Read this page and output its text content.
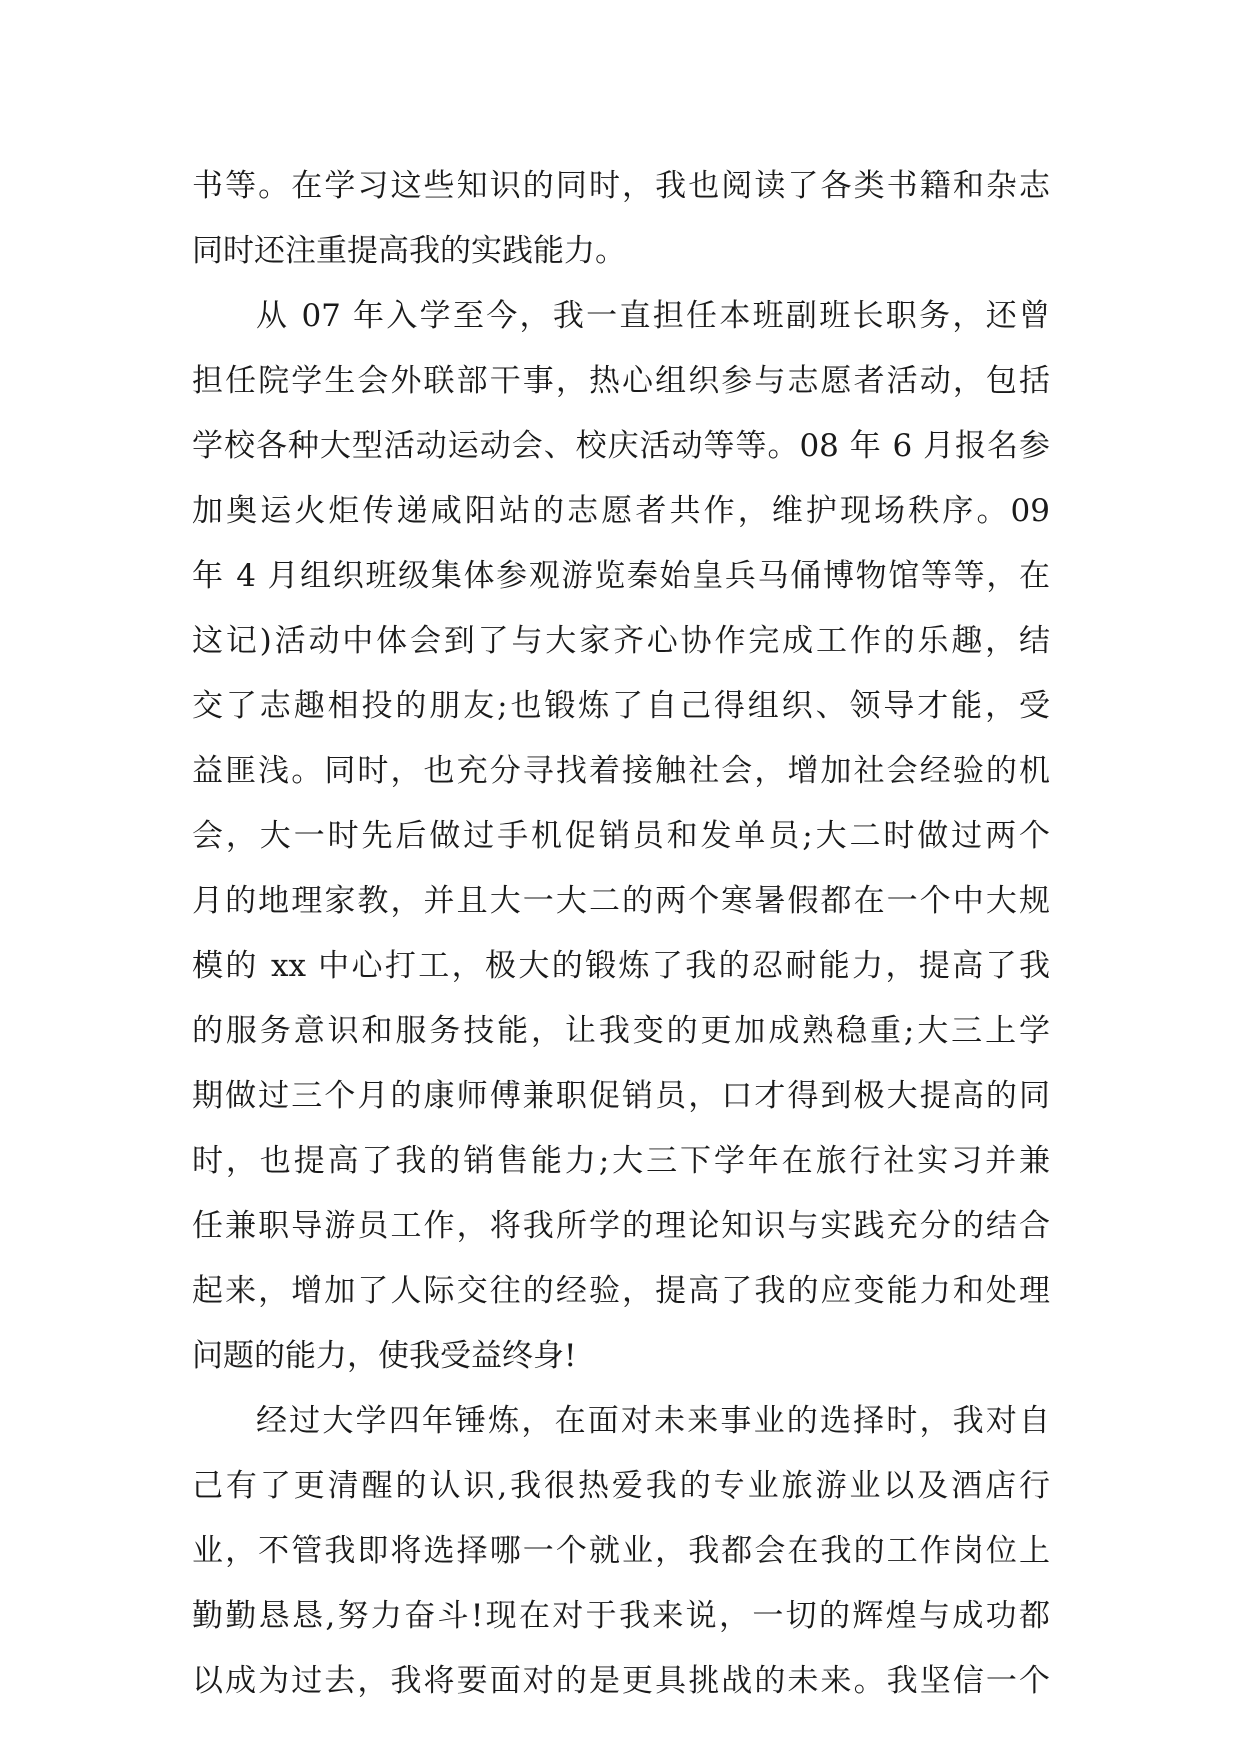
书等。在学习这些知识的同时，我也阅读了各类书籍和杂志
同时还注重提高我的实践能力。
从 07 年入学至今，我一直担任本班副班长职务，还曾
担任院学生会外联部干事，热心组织参与志愿者活动，包括
学校各种大型活动运动会、校庆活动等等。08 年 6 月报名参
加奥运火炬传递咸阳站的志愿者共作，维护现场秩序。09
年 4 月组织班级集体参观游览秦始皇兵马俑博物馆等等，在
这记)活动中体会到了与大家齐心协作完成工作的乐趣，结
交了志趣相投的朋友;也锻炼了自己得组织、领导才能，受
益匪浅。同时，也充分寻找着接触社会，增加社会经验的机
会，大一时先后做过手机促销员和发单员;大二时做过两个
月的地理家教，并且大一大二的两个寒暑假都在一个中大规
模的 xx 中心打工，极大的锻炼了我的忍耐能力，提高了我
的服务意识和服务技能，让我变的更加成熟稳重;大三上学
期做过三个月的康师傅兼职促销员，口才得到极大提高的同
时，也提高了我的销售能力;大三下学年在旅行社实习并兼
任兼职导游员工作，将我所学的理论知识与实践充分的结合
起来，增加了人际交往的经验，提高了我的应变能力和处理
问题的能力，使我受益终身!
经过大学四年锤炼，在面对未来事业的选择时，我对自
己有了更清醒的认识,我很热爱我的专业旅游业以及酒店行
业，不管我即将选择哪一个就业，我都会在我的工作岗位上
勤勤恳恳,努力奋斗!现在对于我来说，一切的辉煌与成功都
以成为过去，我将要面对的是更具挑战的未来。我坚信一个
